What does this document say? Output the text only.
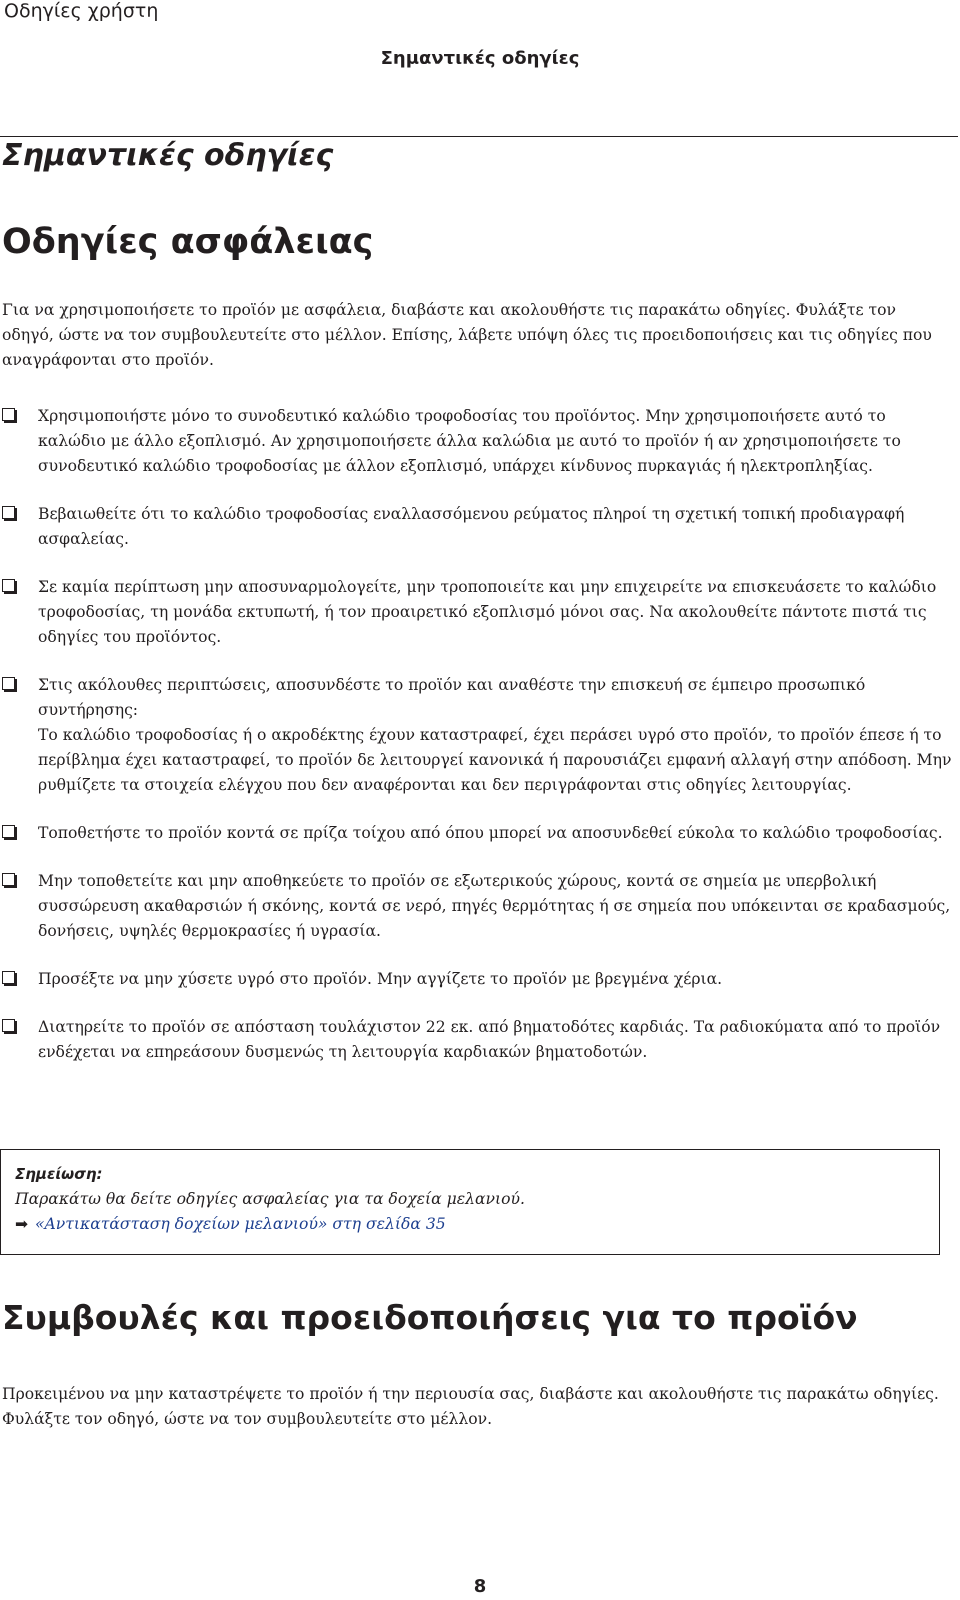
Οδηγίες χρήστη
Σημαντικές οδηγίες
Σημαντικές οδηγίες
Οδηγίες ασφάλειας
Για να χρησιμοποιήσετε το προϊόν με ασφάλεια, διαβάστε και ακολουθήστε τις παρακάτω οδηγίες. Φυλάξτε τον οδηγό, ώστε να τον συμβουλευτείτε στο μέλλον. Επίσης, λάβετε υπόψη όλες τις προειδοποιήσεις και τις οδηγίες που αναγράφονται στο προϊόν.
Χρησιμοποιήστε μόνο το συνοδευτικό καλώδιο τροφοδοσίας του προϊόντος. Μην χρησιμοποιήσετε αυτό το καλώδιο με άλλο εξοπλισμό. Αν χρησιμοποιήσετε άλλα καλώδια με αυτό το προϊόν ή αν χρησιμοποιήσετε το συνοδευτικό καλώδιο τροφοδοσίας με άλλον εξοπλισμό, υπάρχει κίνδυνος πυρκαγιάς ή ηλεκτροπληξίας.
Βεβαιωθείτε ότι το καλώδιο τροφοδοσίας εναλλασσόμενου ρεύματος πληροί τη σχετική τοπική προδιαγραφή ασφαλείας.
Σε καμία περίπτωση μην αποσυναρμολογείτε, μην τροποποιείτε και μην επιχειρείτε να επισκευάσετε το καλώδιο τροφοδοσίας, τη μονάδα εκτυπωτή, ή τον προαιρετικό εξοπλισμό μόνοι σας. Να ακολουθείτε πάντοτε πιστά τις οδηγίες του προϊόντος.
Στις ακόλουθες περιπτώσεις, αποσυνδέστε το προϊόν και αναθέστε την επισκευή σε έμπειρο προσωπικό συντήρησης:
Το καλώδιο τροφοδοσίας ή ο ακροδέκτης έχουν καταστραφεί, έχει περάσει υγρό στο προϊόν, το προϊόν έπεσε ή το περίβλημα έχει καταστραφεί, το προϊόν δε λειτουργεί κανονικά ή παρουσιάζει εμφανή αλλαγή στην απόδοση. Μην ρυθμίζετε τα στοιχεία ελέγχου που δεν αναφέρονται και δεν περιγράφονται στις οδηγίες λειτουργίας.
Τοποθετήστε το προϊόν κοντά σε πρίζα τοίχου από όπου μπορεί να αποσυνδεθεί εύκολα το καλώδιο τροφοδοσίας.
Μην τοποθετείτε και μην αποθηκεύετε το προϊόν σε εξωτερικούς χώρους, κοντά σε σημεία με υπερβολική συσσώρευση ακαθαρσιών ή σκόνης, κοντά σε νερό, πηγές θερμότητας ή σε σημεία που υπόκεινται σε κραδασμούς, δονήσεις, υψηλές θερμοκρασίες ή υγρασία.
Προσέξτε να μην χύσετε υγρό στο προϊόν. Μην αγγίζετε το προϊόν με βρεγμένα χέρια.
Διατηρείτε το προϊόν σε απόσταση τουλάχιστον 22 εκ. από βηματοδότες καρδιάς. Τα ραδιοκύματα από το προϊόν ενδέχεται να επηρεάσουν δυσμενώς τη λειτουργία καρδιακών βηματοδοτών.
Σημείωση:
Παρακάτω θα δείτε οδηγίες ασφαλείας για τα δοχεία μελανιού.
➡ «Αντικατάσταση δοχείων μελανιού» στη σελίδα 35
Συμβουλές και προειδοποιήσεις για το προϊόν
Προκειμένου να μην καταστρέψετε το προϊόν ή την περιουσία σας, διαβάστε και ακολουθήστε τις παρακάτω οδηγίες. Φυλάξτε τον οδηγό, ώστε να τον συμβουλευτείτε στο μέλλον.
8
